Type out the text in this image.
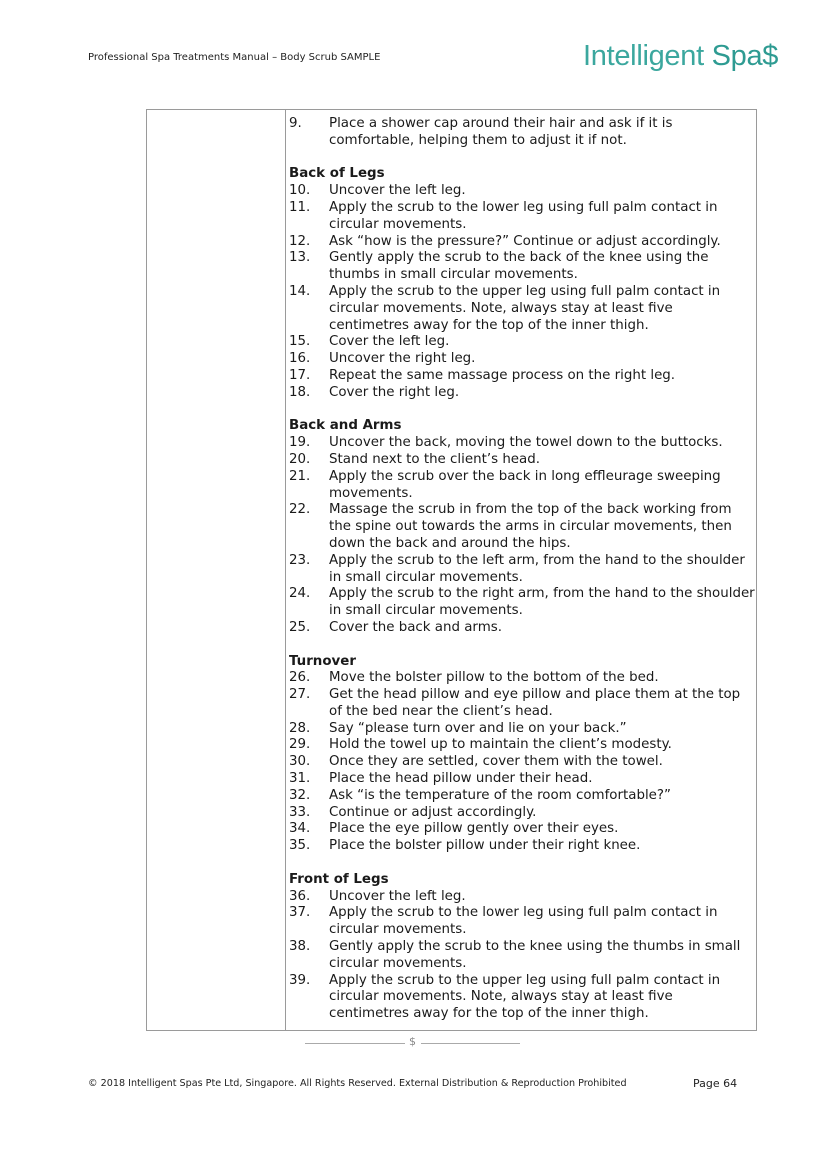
Professional Spa Treatments Manual – Body Scrub SAMPLE	Intelligent Spa$
9.	Place a shower cap around their hair and ask if it is comfortable, helping them to adjust it if not.
Back of Legs
10.	Uncover the left leg.
11.	Apply the scrub to the lower leg using full palm contact in circular movements.
12.	Ask “how is the pressure?” Continue or adjust accordingly.
13.	Gently apply the scrub to the back of the knee using the thumbs in small circular movements.
14.	Apply the scrub to the upper leg using full palm contact in circular movements. Note, always stay at least five centimetres away for the top of the inner thigh.
15.	Cover the left leg.
16.	Uncover the right leg.
17.	Repeat the same massage process on the right leg.
18.	Cover the right leg.
Back and Arms
19.	Uncover the back, moving the towel down to the buttocks.
20.	Stand next to the client’s head.
21.	Apply the scrub over the back in long effleurage sweeping movements.
22.	Massage the scrub in from the top of the back working from the spine out towards the arms in circular movements, then down the back and around the hips.
23.	Apply the scrub to the left arm, from the hand to the shoulder in small circular movements.
24.	Apply the scrub to the right arm, from the hand to the shoulder in small circular movements.
25.	Cover the back and arms.
Turnover
26.	Move the bolster pillow to the bottom of the bed.
27.	Get the head pillow and eye pillow and place them at the top of the bed near the client’s head.
28.	Say “please turn over and lie on your back.”
29.	Hold the towel up to maintain the client’s modesty.
30.	Once they are settled, cover them with the towel.
31.	Place the head pillow under their head.
32.	Ask “is the temperature of the room comfortable?”
33.	Continue or adjust accordingly.
34.	Place the eye pillow gently over their eyes.
35.	Place the bolster pillow under their right knee.
Front of Legs
36.	Uncover the left leg.
37.	Apply the scrub to the lower leg using full palm contact in circular movements.
38.	Gently apply the scrub to the knee using the thumbs in small circular movements.
39.	Apply the scrub to the upper leg using full palm contact in circular movements. Note, always stay at least five centimetres away for the top of the inner thigh.
$
© 2018 Intelligent Spas Pte Ltd, Singapore. All Rights Reserved. External Distribution & Reproduction Prohibited	Page 64
